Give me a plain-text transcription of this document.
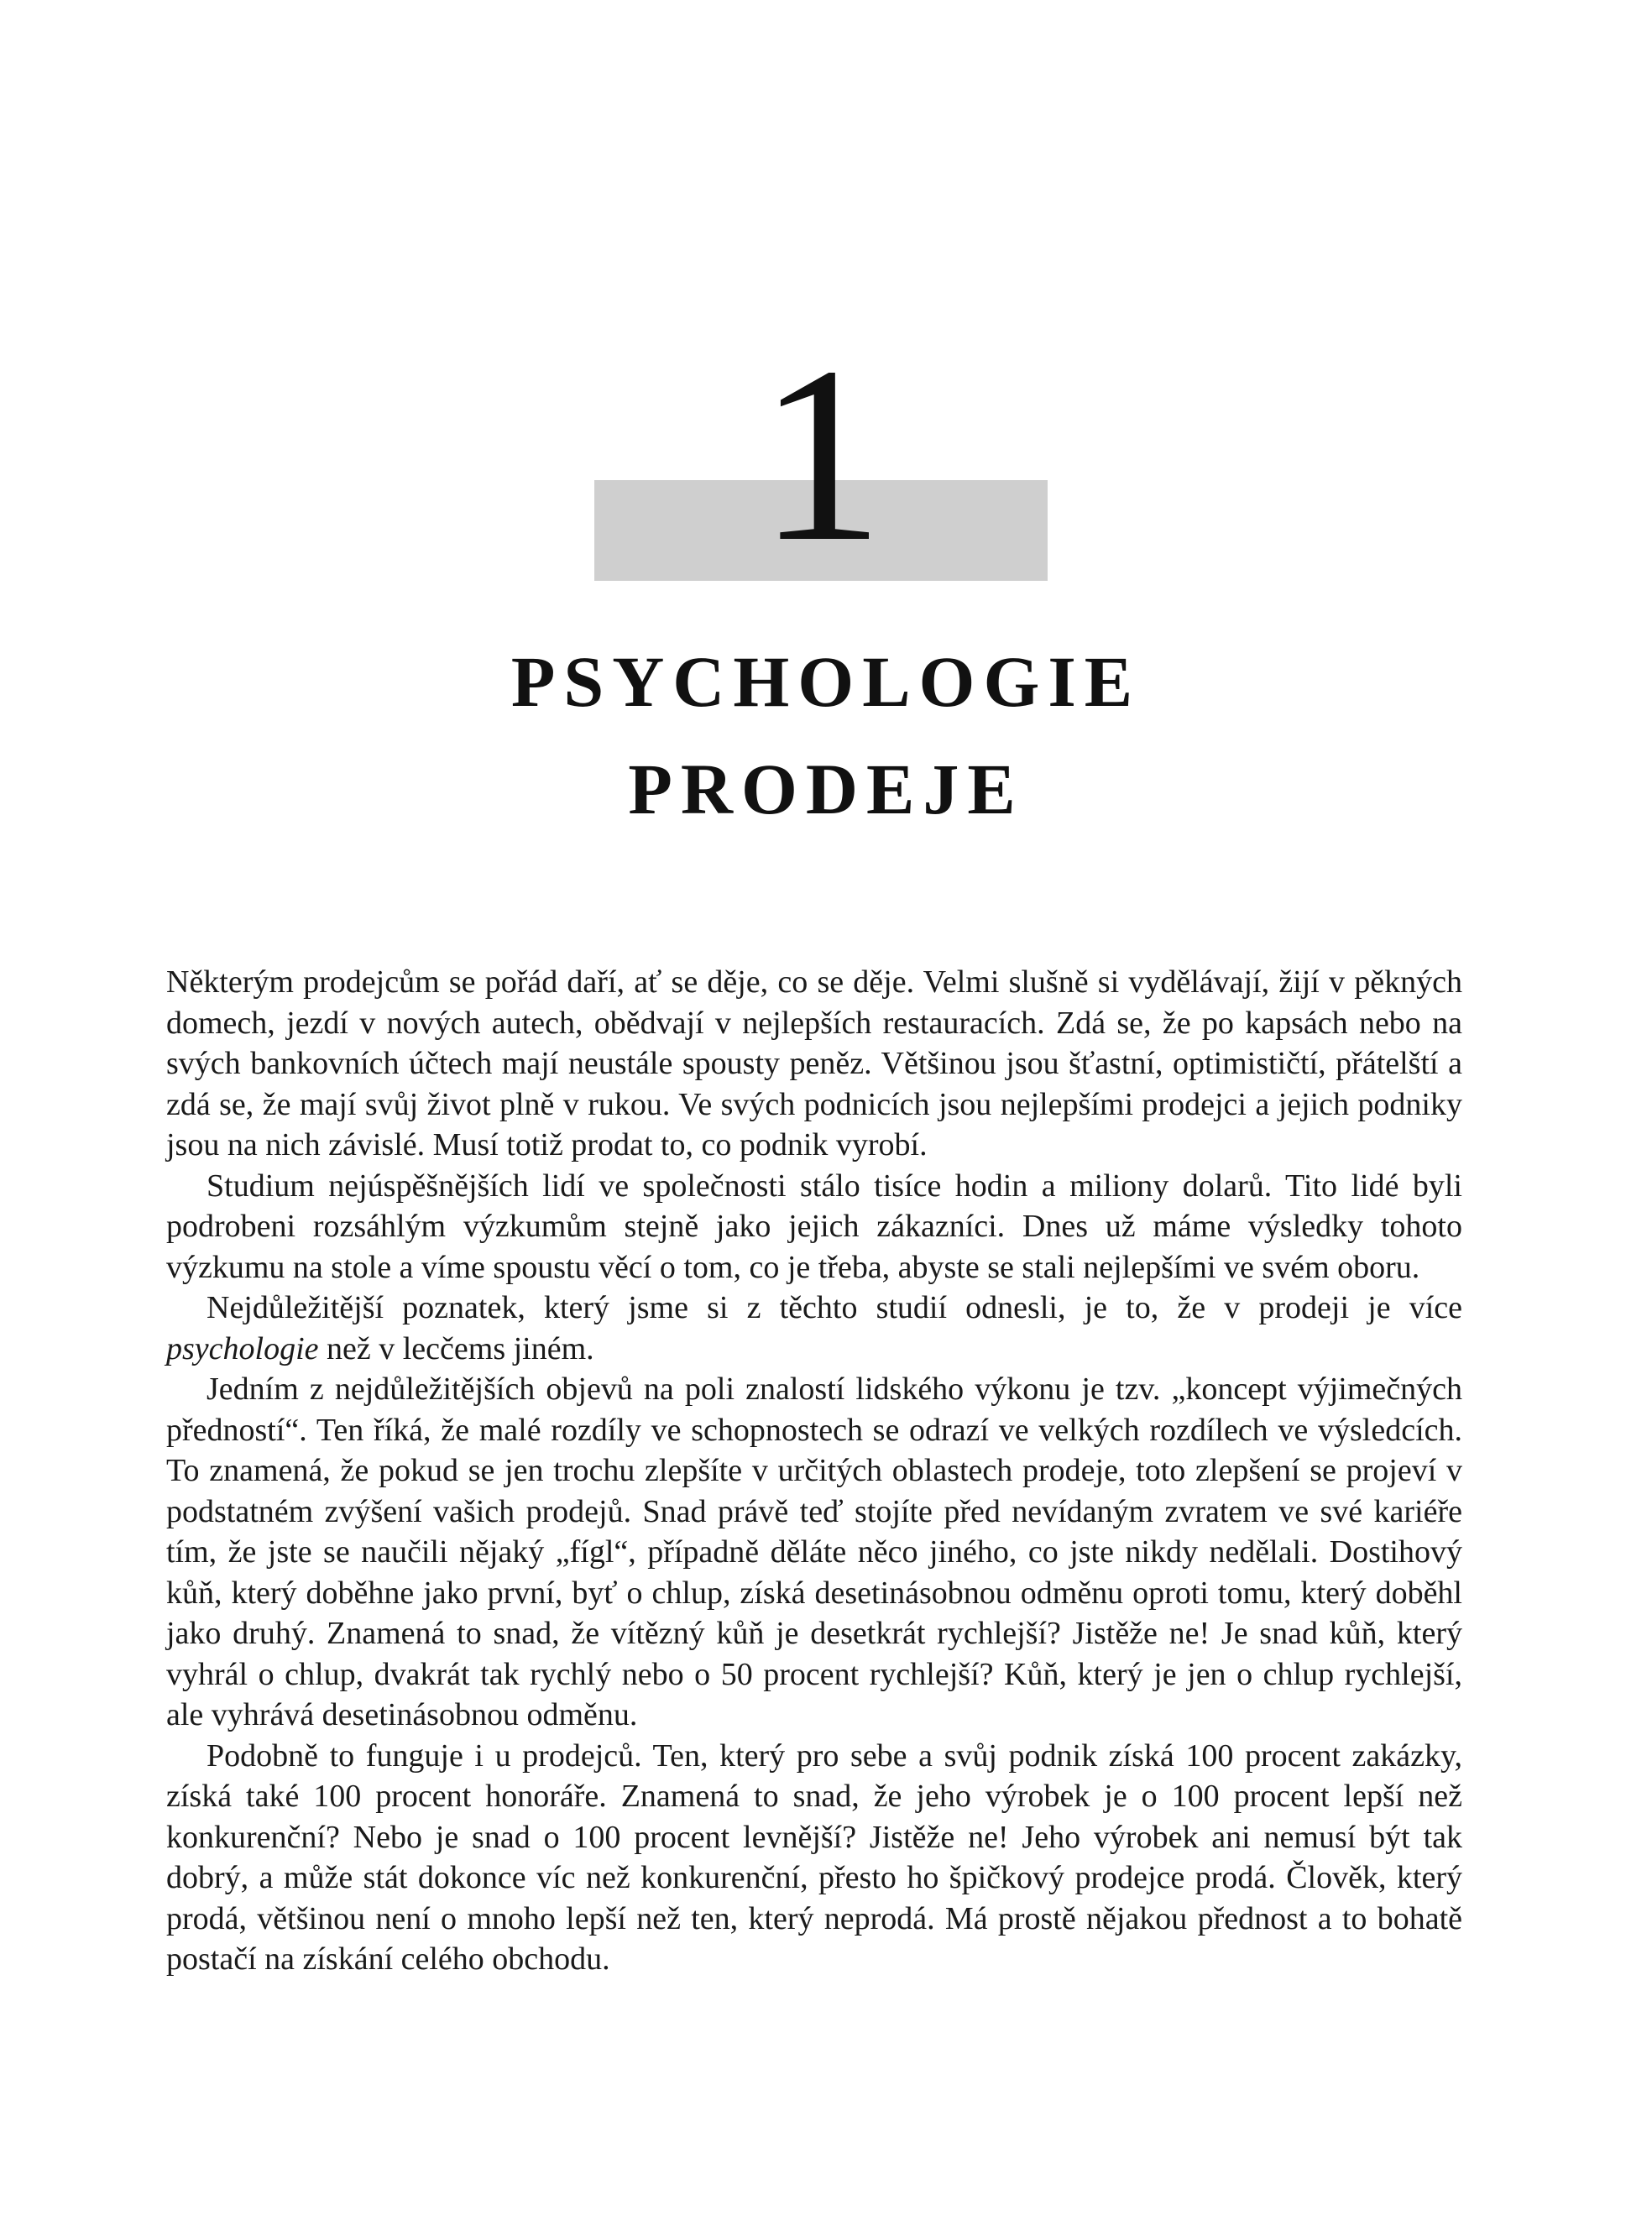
1
PSYCHOLOGIE
PRODEJE

Některým prodejcům se pořád daří, ať se děje, co se děje. Velmi slušně si vydělávají, žijí v pěkných domech, jezdí v nových autech, obědvají v nejlepších restauracích. Zdá se, že po kapsách nebo na svých bankovních účtech mají neustále spousty peněz. Většinou jsou šťastní, optimističtí, přátelští a zdá se, že mají svůj život plně v rukou. Ve svých podnicích jsou nejlepšími prodejci a jejich podniky jsou na nich závislé. Musí totiž prodat to, co podnik vyrobí.

Studium nejúspěšnějších lidí ve společnosti stálo tisíce hodin a miliony dolarů. Tito lidé byli podrobeni rozsáhlým výzkumům stejně jako jejich zákazníci. Dnes už máme výsledky tohoto výzkumu na stole a víme spoustu věcí o tom, co je třeba, abyste se stali nejlepšími ve svém oboru.

Nejdůležitější poznatek, který jsme si z těchto studií odnesli, je to, že v prodeji je více psychologie než v lecčems jiném.

Jedním z nejdůležitějších objevů na poli znalostí lidského výkonu je tzv. „koncept výjimečných předností“. Ten říká, že malé rozdíly ve schopnostech se odrazí ve velkých rozdílech ve výsledcích. To znamená, že pokud se jen trochu zlepšíte v určitých oblastech prodeje, toto zlepšení se projeví v podstatném zvýšení vašich prodejů. Snad právě teď stojíte před nevídaným zvratem ve své kariéře tím, že jste se naučili nějaký „fígl“, případně děláte něco jiného, co jste nikdy nedělali. Dostihový kůň, který doběhne jako první, byť o chlup, získá desetinásobnou odměnu oproti tomu, který doběhl jako druhý. Znamená to snad, že vítězný kůň je desetkrát rychlejší? Jistěže ne! Je snad kůň, který vyhrál o chlup, dvakrát tak rychlý nebo o 50 procent rychlejší? Kůň, který je jen o chlup rychlejší, ale vyhrává desetinásobnou odměnu.

Podobně to funguje i u prodejců. Ten, který pro sebe a svůj podnik získá 100 procent zakázky, získá také 100 procent honoráře. Znamená to snad, že jeho výrobek je o 100 procent lepší než konkurenční? Nebo je snad o 100 procent levnější? Jistěže ne! Jeho výrobek ani nemusí být tak dobrý, a může stát dokonce víc než konkurenční, přesto ho špičkový prodejce prodá. Člověk, který prodá, většinou není o mnoho lepší než ten, který neprodá. Má prostě nějakou přednost a to bohatě postačí na získání celého obchodu.
